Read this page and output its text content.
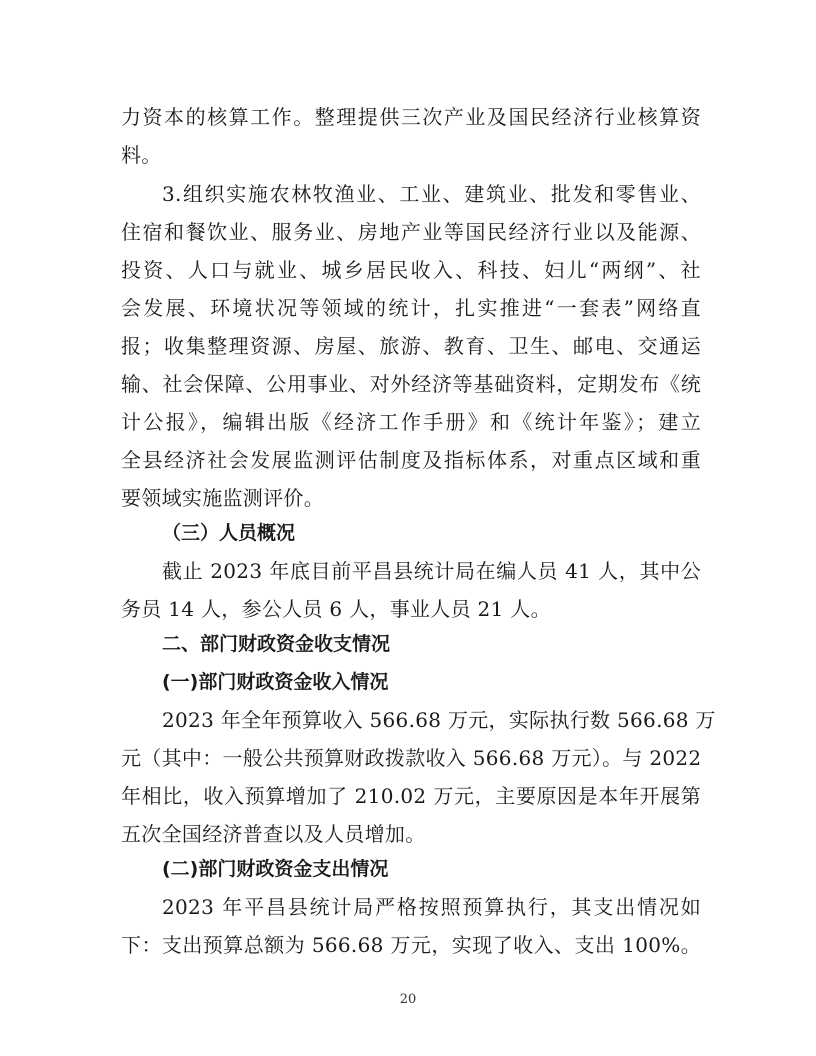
力资本的核算工作。整理提供三次产业及国民经济行业核算资
料。
3.组织实施农林牧渔业、工业、建筑业、批发和零售业、
住宿和餐饮业、服务业、房地产业等国民经济行业以及能源、
投资、人口与就业、城乡居民收入、科技、妇儿“两纲”、社
会发展、环境状况等领域的统计，扎实推进“一套表”网络直
报；收集整理资源、房屋、旅游、教育、卫生、邮电、交通运
输、社会保障、公用事业、对外经济等基础资料，定期发布《统
计公报》，编辑出版《经济工作手册》和《统计年鉴》；建立
全县经济社会发展监测评估制度及指标体系，对重点区域和重
要领域实施监测评价。
（三）人员概况
截止 2023 年底目前平昌县统计局在编人员 41 人，其中公
务员 14 人，参公人员 6 人，事业人员 21 人。
二、部门财政资金收支情况
(一)部门财政资金收入情况
2023 年全年预算收入 566.68 万元，实际执行数 566.68 万
元（其中：一般公共预算财政拨款收入 566.68 万元）。与 2022
年相比，收入预算增加了 210.02 万元，主要原因是本年开展第
五次全国经济普查以及人员增加。
(二)部门财政资金支出情况
2023 年平昌县统计局严格按照预算执行，其支出情况如
下：支出预算总额为 566.68 万元，实现了收入、支出 100%。
20
